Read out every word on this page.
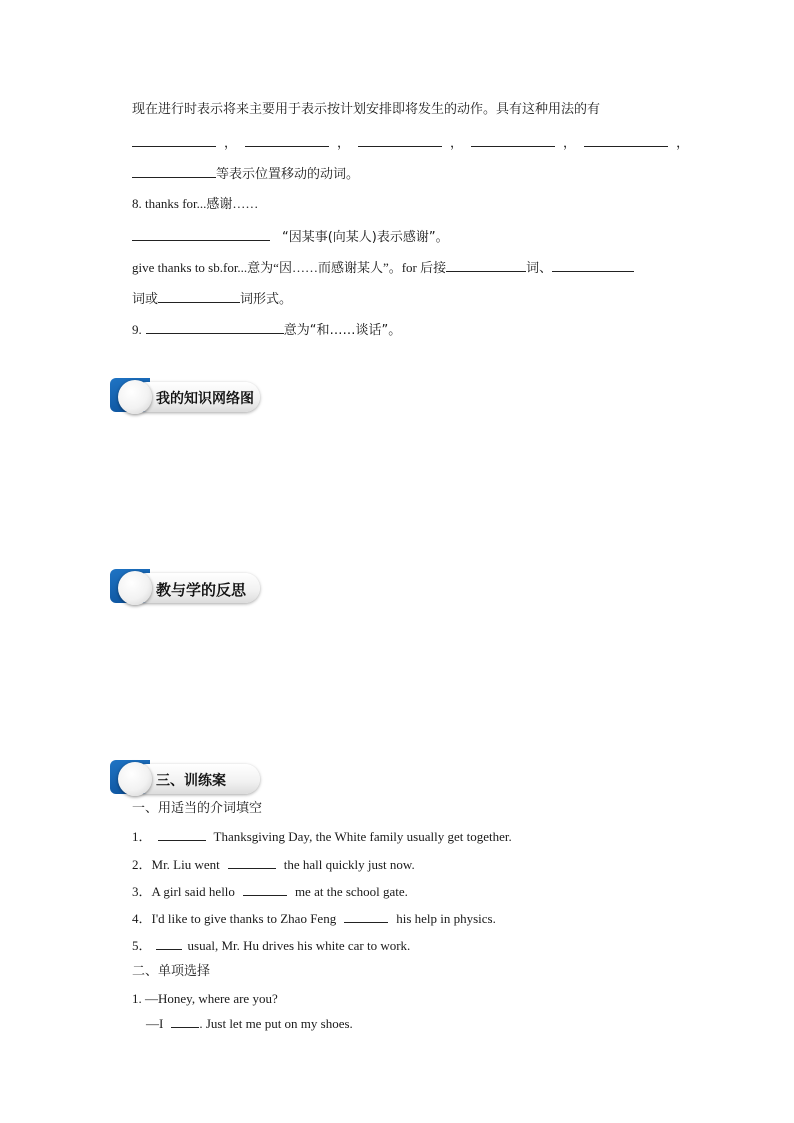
现在进行时表示将来主要用于表示按计划安排即将发生的动作。具有这种用法的有
，	，	，	，	，
等表示位置移动的动词。
8. thanks for...感谢……
“因某事(向某人)表示感谢”。
give thanks to sb.for...意为“因……而感谢某人”。for 后接	词、
词或	词形式。
9.	意为“和……谈话”。
我的知识网络图
教与学的反思
三、训练案
一、用适当的介词填空
1．	Thanksgiving Day, the White family usually get together.
2．Mr. Liu went	the hall quickly just now.
3．A girl said hello	me at the school gate.
4．I'd like to give thanks to Zhao Feng	his help in physics.
5．	usual, Mr. Hu drives his white car to work.
二、单项选择
1. —Honey, where are you?
—I	. Just let me put on my shoes.
